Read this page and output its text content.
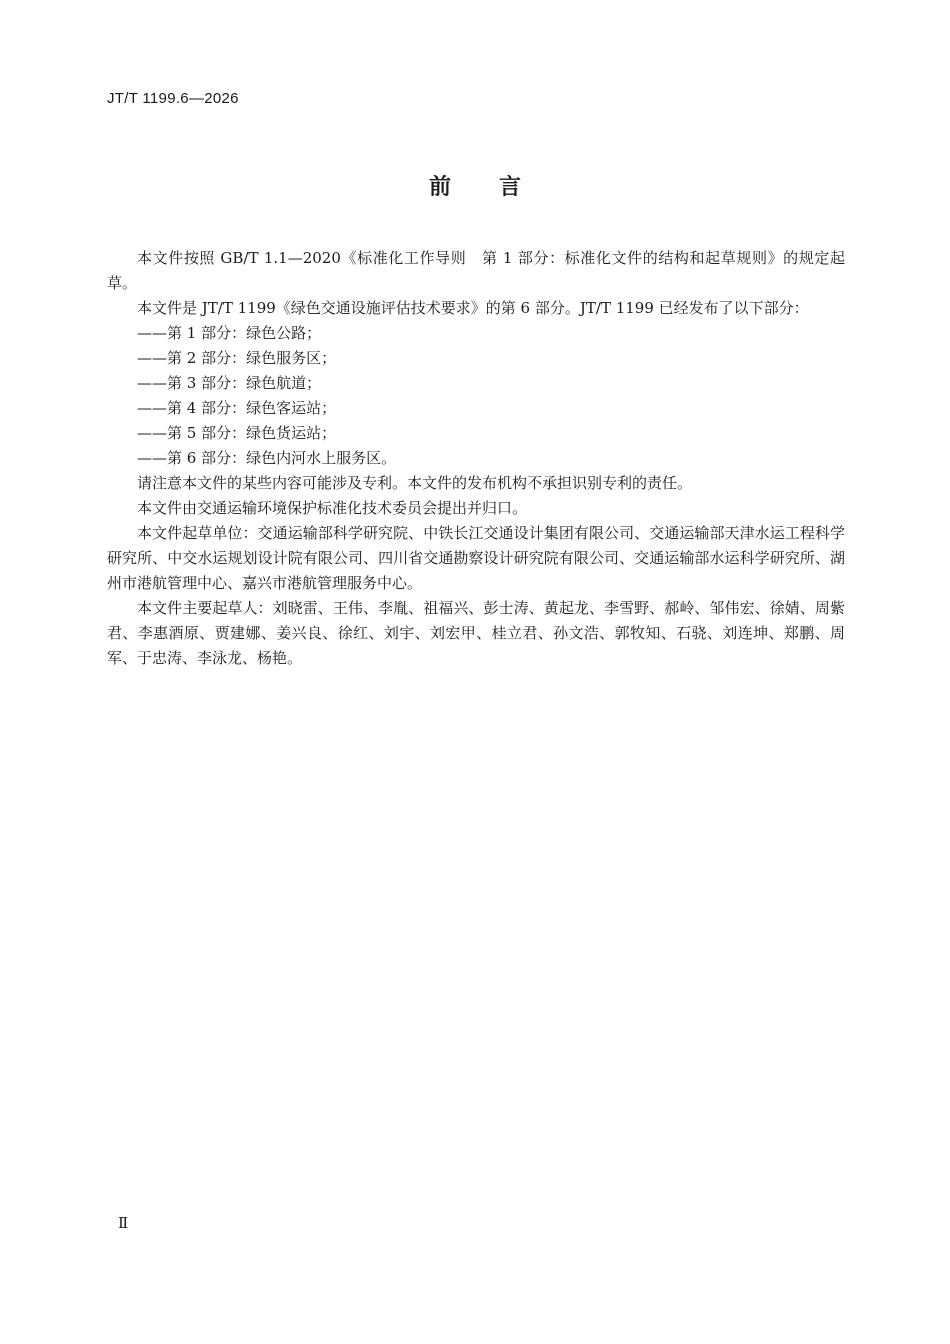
JT/T 1199.6—2026
前 言

本文件按照 GB/T 1.1—2020《标准化工作导则　第 1 部分：标准化文件的结构和起草规则》的规定起草。

本文件是 JT/T 1199《绿色交通设施评估技术要求》的第 6 部分。JT/T 1199 已经发布了以下部分：

——第 1 部分：绿色公路；

——第 2 部分：绿色服务区；

——第 3 部分：绿色航道；

——第 4 部分：绿色客运站；

——第 5 部分：绿色货运站；

——第 6 部分：绿色内河水上服务区。

请注意本文件的某些内容可能涉及专利。本文件的发布机构不承担识别专利的责任。

本文件由交通运输环境保护标准化技术委员会提出并归口。

本文件起草单位：交通运输部科学研究院、中铁长江交通设计集团有限公司、交通运输部天津水运工程科学研究所、中交水运规划设计院有限公司、四川省交通勘察设计研究院有限公司、交通运输部水运科学研究所、湖州市港航管理中心、嘉兴市港航管理服务中心。

本文件主要起草人：刘晓雷、王伟、李胤、祖福兴、彭士涛、黄起龙、李雪野、郝岭、邹伟宏、徐婧、周紫君、李惠酒原、贾建娜、姜兴良、徐红、刘宇、刘宏甲、桂立君、孙文浩、郭牧知、石骁、刘连坤、郑鹏、周军、于忠涛、李泳龙、杨艳。

Ⅱ
